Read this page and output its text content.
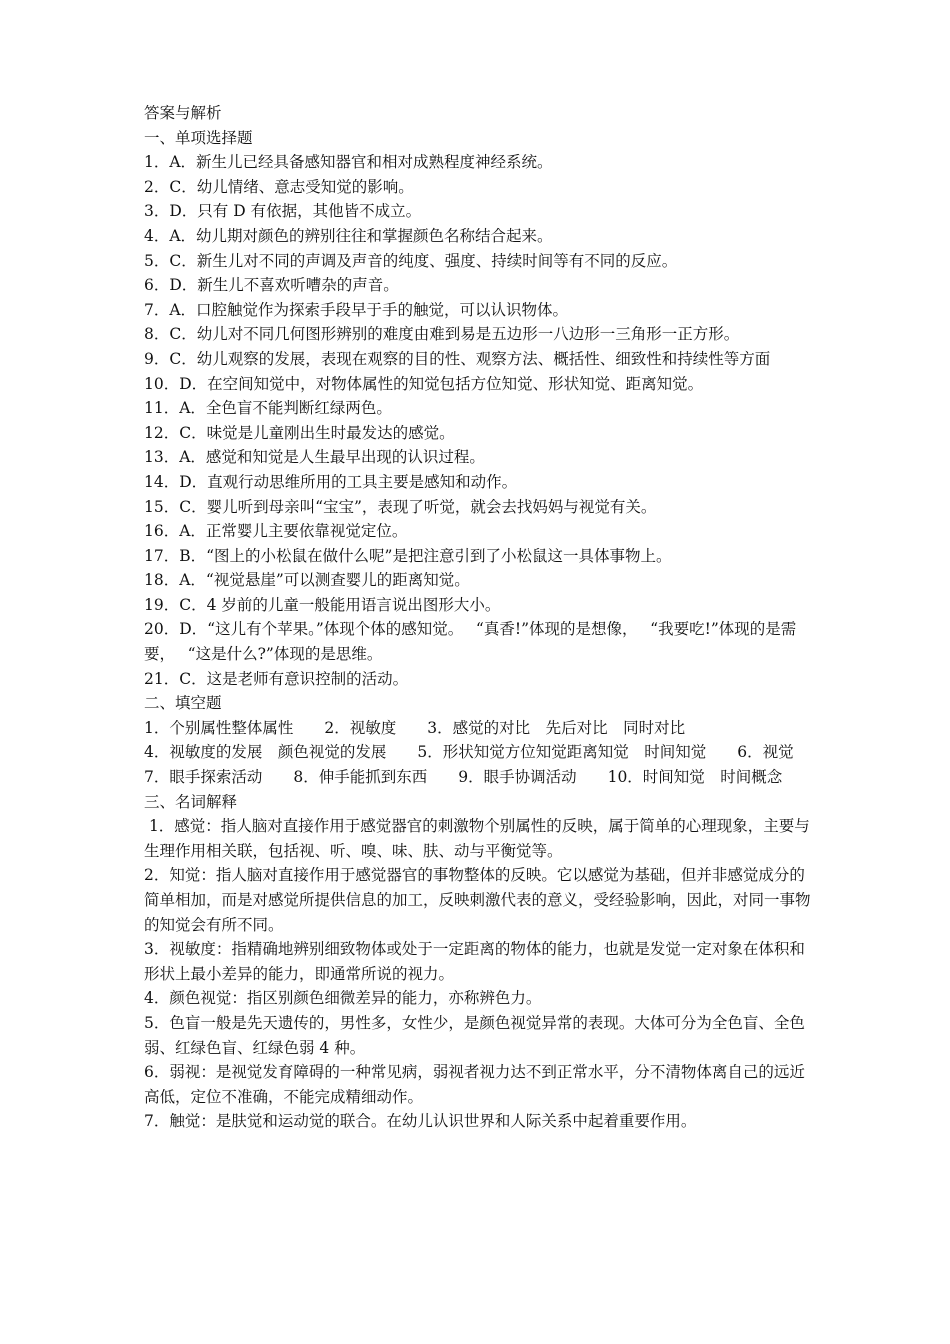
答案与解析
一、单项选择题
1．A．新生儿已经具备感知器官和相对成熟程度神经系统。
2．C．幼儿情绪、意志受知觉的影响。
3．D．只有 D 有依据，其他皆不成立。
4．A．幼儿期对颜色的辨别往往和掌握颜色名称结合起来。
5．C．新生儿对不同的声调及声音的纯度、强度、持续时间等有不同的反应。
6．D．新生儿不喜欢听嘈杂的声音。
7．A．口腔触觉作为探索手段早于手的触觉，可以认识物体。
8．C．幼儿对不同几何图形辨别的难度由难到易是五边形一八边形一三角形一正方形。
9．C．幼儿观察的发展，表现在观察的目的性、观察方法、概括性、细致性和持续性等方面
10．D．在空间知觉中，对物体属性的知觉包括方位知觉、形状知觉、距离知觉。
11．A．全色盲不能判断红绿两色。
12．C．味觉是儿童刚出生时最发达的感觉。
13．A．感觉和知觉是人生最早出现的认识过程。
14．D．直观行动思维所用的工具主要是感知和动作。
15．C．婴儿听到母亲叫“宝宝”，表现了听觉，就会去找妈妈与视觉有关。
16．A．正常婴儿主要依靠视觉定位。
17．B．“图上的小松鼠在做什么呢”是把注意引到了小松鼠这一具体事物上。
18．A．“视觉悬崖”可以测查婴儿的距离知觉。
19．C．4 岁前的儿童一般能用语言说出图形大小。
20．D．“这儿有个苹果。”体现个体的感知觉。　 “真香!”体现的是想像，　 “我要吃!”体现的是需要，　 “这是什么?”体现的是思维。
21．C．这是老师有意识控制的活动。
二、填空题
1．个别属性整体属性　　2．视敏度　　3．感觉的对比　先后对比　同时对比
4．视敏度的发展　颜色视觉的发展　　5．形状知觉方位知觉距离知觉　时间知觉　　6．视觉 7．眼手探索活动　　8．伸手能抓到东西　　9．眼手协调活动　　10．时间知觉　时间概念
三、名词解释
1．感觉：指人脑对直接作用于感觉器官的刺激物个别属性的反映，属于简单的心理现象，主要与生理作用相关联，包括视、听、嗅、味、肤、动与平衡觉等。
2．知觉：指人脑对直接作用于感觉器官的事物整体的反映。它以感觉为基础，但并非感觉成分的简单相加，而是对感觉所提供信息的加工，反映刺激代表的意义，受经验影响，因此，对同一事物的知觉会有所不同。
3．视敏度：指精确地辨别细致物体或处于一定距离的物体的能力，也就是发觉一定对象在体积和形状上最小差异的能力，即通常所说的视力。
4．颜色视觉：指区别颜色细微差异的能力，亦称辨色力。
5．色盲一般是先天遗传的，男性多，女性少，是颜色视觉异常的表现。大体可分为全色盲、全色弱、红绿色盲、红绿色弱 4 种。
6．弱视：是视觉发育障碍的一种常见病，弱视者视力达不到正常水平，分不清物体离自己的远近高低，定位不准确，不能完成精细动作。
7．触觉：是肤觉和运动觉的联合。在幼儿认识世界和人际关系中起着重要作用。
